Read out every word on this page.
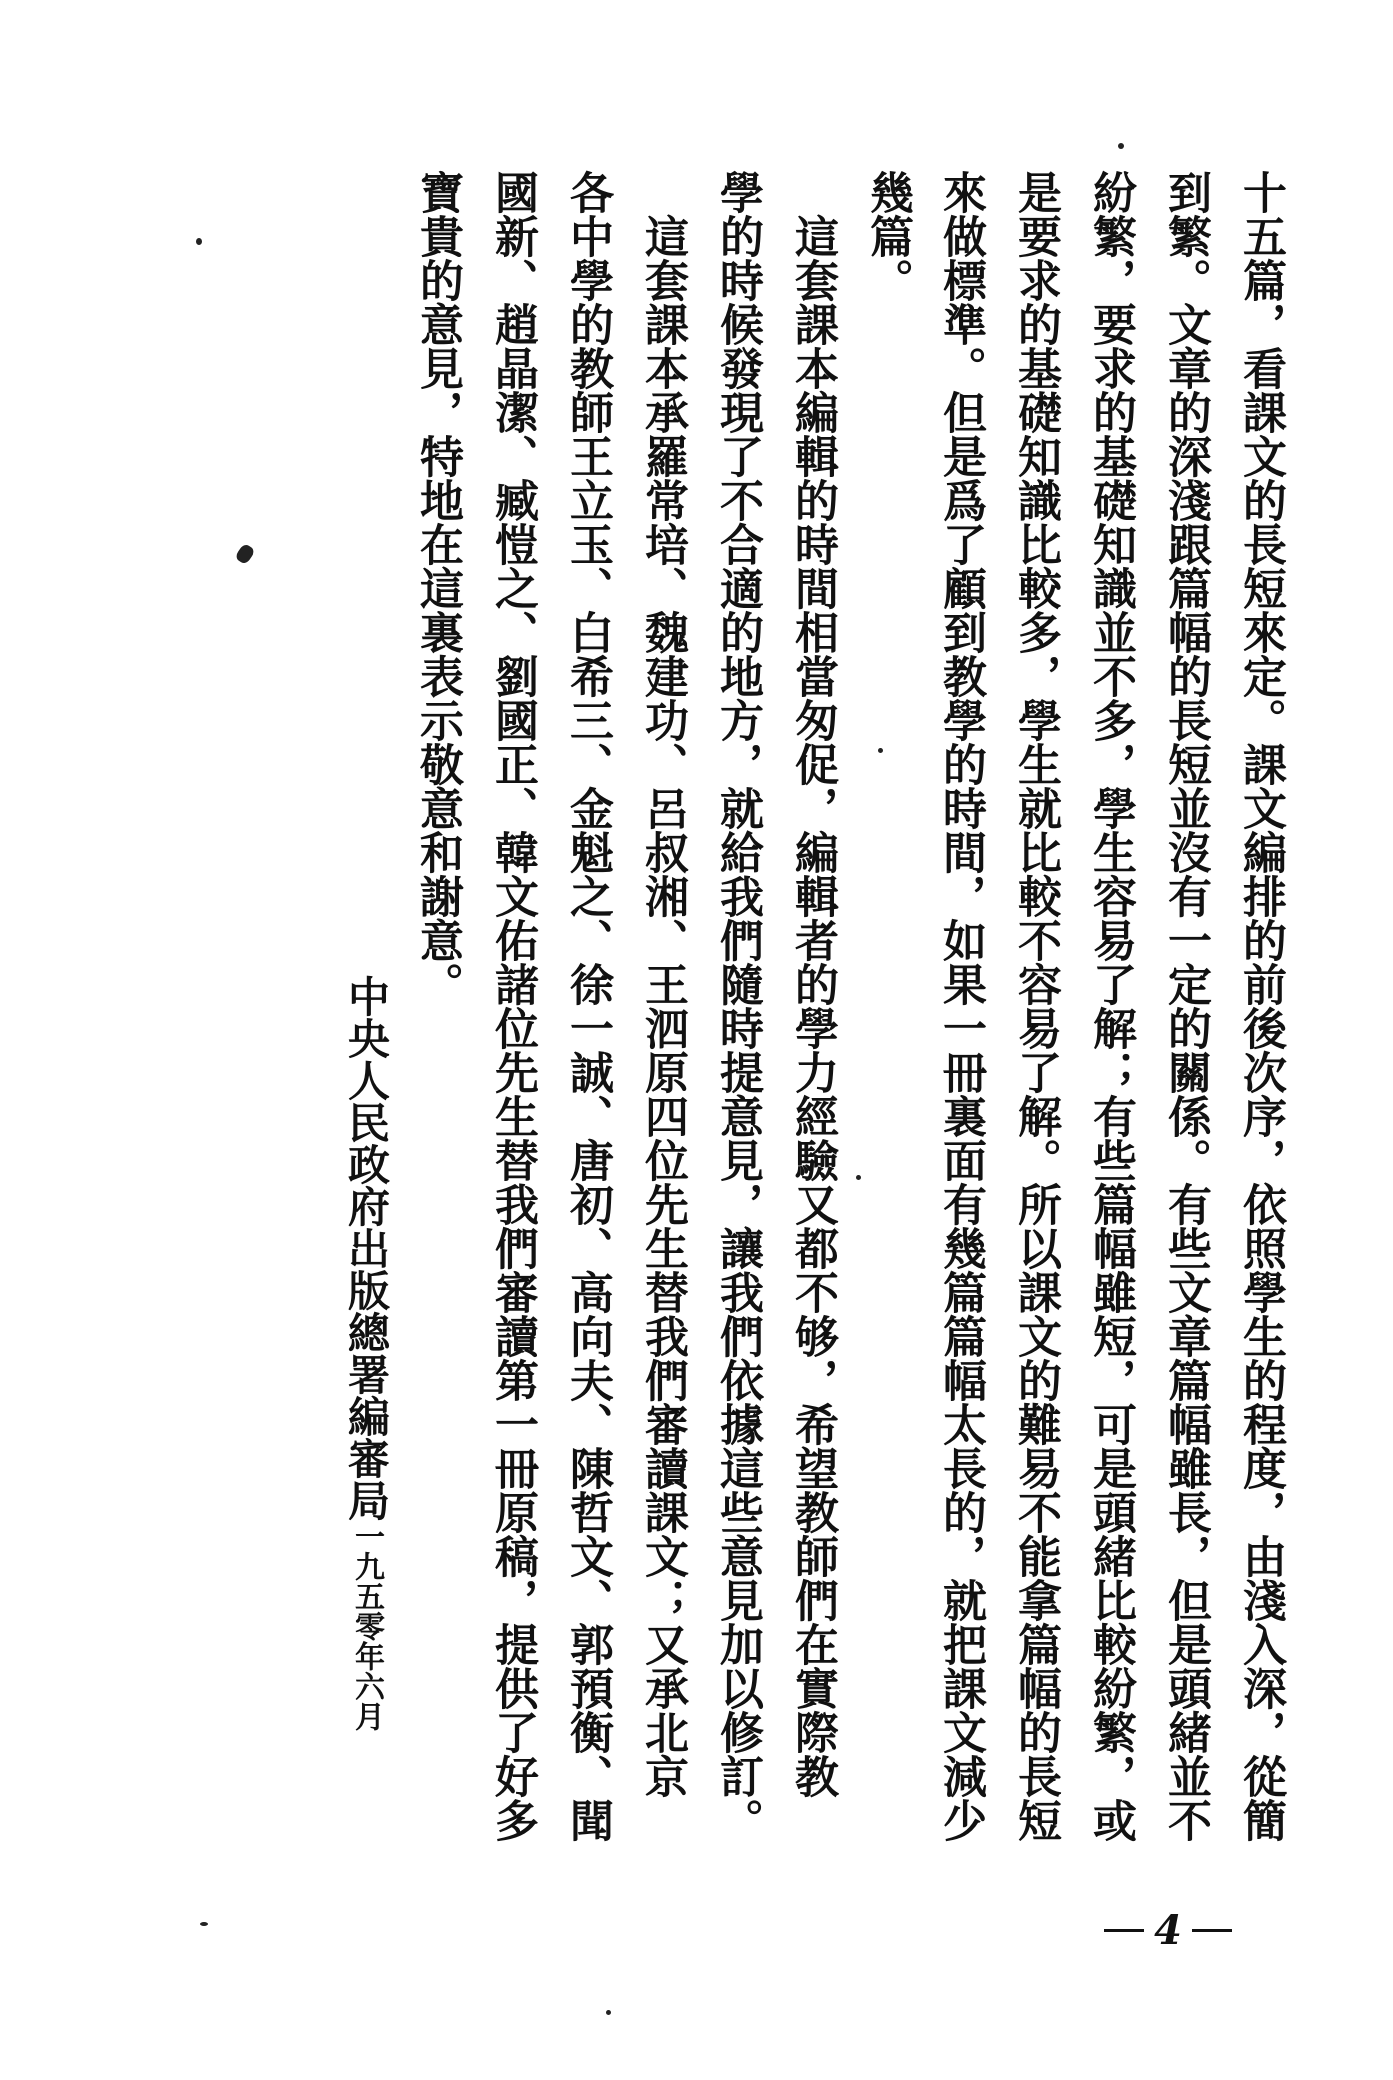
十五篇，看課文的長短來定。課文編排的前後次序，依照學生的程度，由淺入深，從簡
到繁。文章的深淺跟篇幅的長短並沒有一定的關係。有些文章篇幅雖長，但是頭緒並不
紛繁，要求的基礎知識並不多，學生容易了解；有些篇幅雖短，可是頭緒比較紛繁，或
是要求的基礎知識比較多，學生就比較不容易了解。所以課文的難易不能拿篇幅的長短
來做標準。但是爲了顧到教學的時間，如果一冊裏面有幾篇篇幅太長的，就把課文減少
幾篇。
　這套課本編輯的時間相當匆促，編輯者的學力經驗又都不够，希望教師們在實際教
學的時候發現了不合適的地方，就給我們隨時提意見，讓我們依據這些意見加以修訂。
　這套課本承羅常培、魏建功、呂叔湘、王泗原四位先生替我們審讀課文；又承北京
各中學的教師王立玉、白希三、金魁之、徐一誠、唐初、高向夫、陳哲文、郭預衡、聞
國新、趙晶潔、臧愷之、劉國正、韓文佑諸位先生替我們審讀第一冊原稿，提供了好多
寶貴的意見，特地在這裏表示敬意和謝意。
中央人民政府出版總署編審局一九五零年六月
4
